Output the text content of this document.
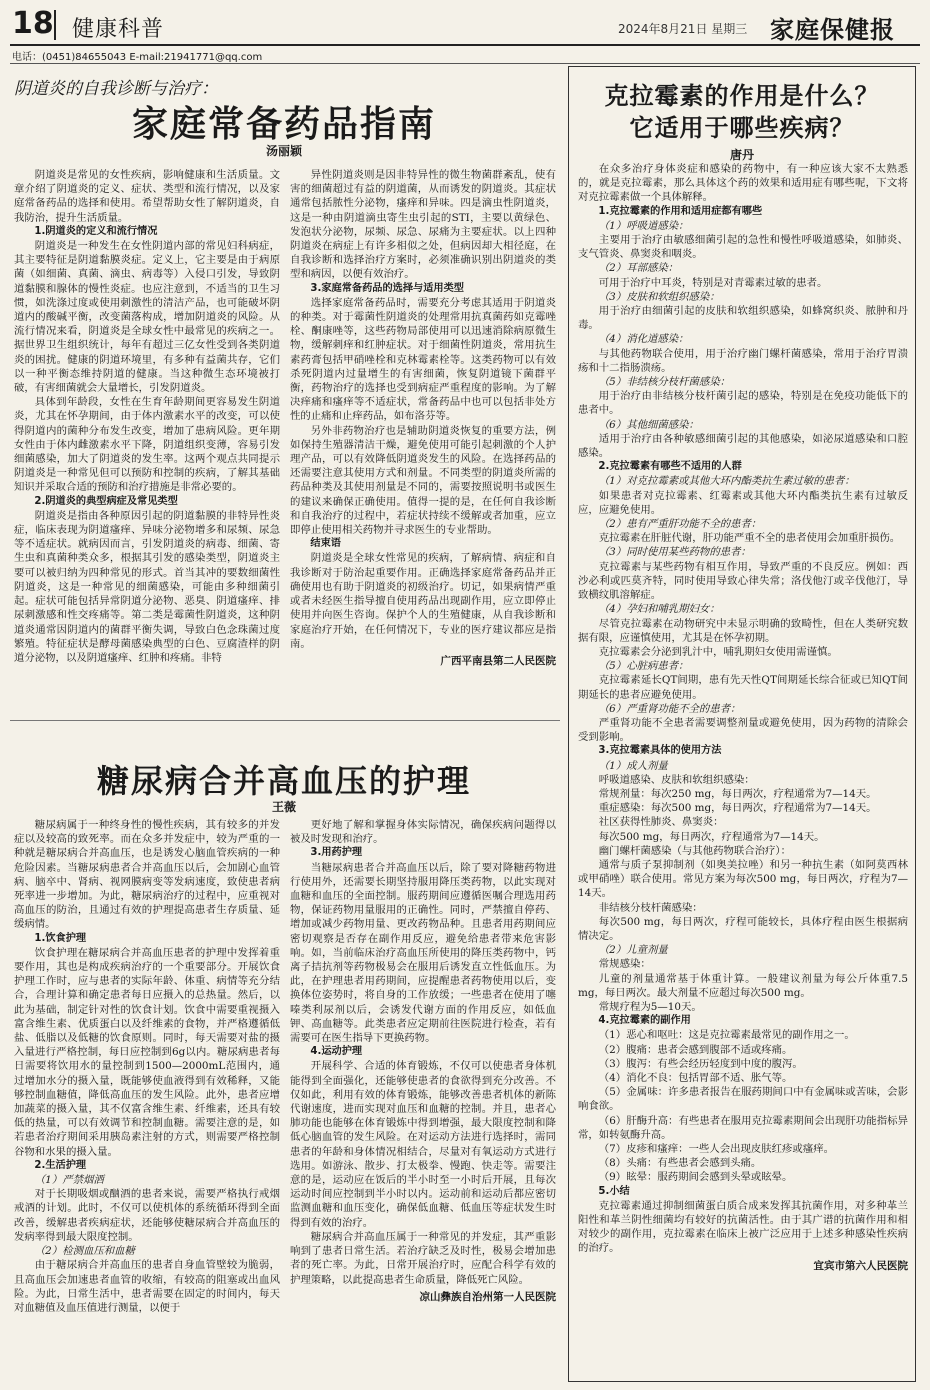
18 健康科普	2024年8月21日 星期三 家庭保健报
电话：(0451)84655043 E-mail:21941771@qq.com
阴道炎的自我诊断与治疗：
家庭常备药品指南
汤丽颖

阴道炎是常见的女性疾病，影响健康和生活质量。文章介绍了阴道炎的定义、症状、类型和流行情况，以及家庭常备药品的选择和使用。希望帮助女性了解阴道炎，自我防治，提升生活质量。

1.阴道炎的定义和流行情况

阴道炎是一种发生在女性阴道内部的常见妇科病症，其主要特征是阴道黏膜炎症。定义上，它主要是由于病原菌（如细菌、真菌、滴虫、病毒等）入侵口引发，导致阴道黏膜和腺体的慢性炎症。也应注意到，不适当的卫生习惯，如洗涤过度或使用刺激性的清洁产品，也可能破坏阴道内的酸碱平衡，改变菌落构成，增加阴道炎的风险。从流行情况来看，阴道炎是全球女性中最常见的疾病之一。据世界卫生组织统计，每年有超过三亿女性受到各类阴道炎的困扰。健康的阴道环境里，有多种有益菌共存，它们以一种平衡态维持阴道的健康。当这种微生态环境被打破，有害细菌就会大量增长，引发阴道炎。

具体到年龄段，女性在生育年龄期间更容易发生阴道炎，尤其在怀孕期间，由于体内激素水平的改变，可以使得阴道内的菌种分布发生改变，增加了患病风险。更年期女性由于体内雌激素水平下降，阴道组织变薄，容易引发细菌感染，加大了阴道炎的发生率。这两个观点共同提示阴道炎是一种常见但可以预防和控制的疾病，了解其基础知识并采取合适的预防和治疗措施是非常必要的。

2.阴道炎的典型病症及常见类型

阴道炎是指由各种原因引起的阴道黏膜的非特异性炎症，临床表现为阴道瘙痒、异味分泌物增多和尿频、尿急等不适症状。就病因而言，引发阴道炎的病毒、细菌、寄生虫和真菌种类众多，根据其引发的感染类型，阴道炎主要可以被归纳为四种常见的形式。首当其冲的要数细菌性阴道炎，这是一种常见的细菌感染，可能由多种细菌引起。症状可能包括异常阴道分泌物、恶臭、阴道瘙痒、排尿刺激感和性交疼痛等。第二类是霉菌性阴道炎，这种阴道炎通常因阴道内的菌群平衡失调，导致白色念珠菌过度繁殖。特征症状是酵母菌感染典型的白色、豆腐渣样的阴道分泌物，以及阴道瘙痒、红肿和疼痛。非特

异性阴道炎则是因非特异性的微生物菌群紊乱，使有害的细菌超过有益的阴道菌，从而诱发的阴道炎。其症状通常包括脓性分泌物，瘙痒和异味。四是滴虫性阴道炎，这是一种由阴道滴虫寄生虫引起的STI，主要以黄绿色、发泡状分泌物，尿频、尿急、尿痛为主要症状。以上四种阴道炎在病症上有许多相似之处，但病因却大相径庭，在自我诊断和选择治疗方案时，必须准确识别出阴道炎的类型和病因，以便有效治疗。

3.家庭常备药品的选择与适用类型

选择家庭常备药品时，需要充分考虑其适用于阴道炎的种类。对于霉菌性阴道炎的处理常用抗真菌药如克霉唑栓、酮康唑等，这些药物局部使用可以迅速消除病原微生物，缓解刺痒和红肿症状。对于细菌性阴道炎，常用抗生素药膏包括甲硝唑栓和克林霉素栓等。这类药物可以有效杀死阴道内过量增生的有害细菌，恢复阴道镜下菌群平衡，药物治疗的选择也受到病症严重程度的影响。为了解决痒痛和瘙痒等不适症状，常备药品中也可以包括非处方性的止痛和止痒药品，如布洛芬等。

另外非药物治疗也是辅助阴道炎恢复的重要方法，例如保持生殖器清洁干燥，避免使用可能引起刺激的个人护理产品，可以有效降低阴道炎发生的风险。在选择药品的还需要注意其使用方式和剂量。不同类型的阴道炎所需的药品种类及其使用剂量是不同的，需要按照说明书或医生的建议来确保正确使用。值得一提的是，在任何自我诊断和自我治疗的过程中，若症状持续不缓解或者加重，应立即停止使用相关药物并寻求医生的专业帮助。

结束语

阴道炎是全球女性常见的疾病，了解病情、病症和自我诊断对于防治起重要作用。正确选择家庭常备药品并正确使用也有助于阴道炎的初级治疗。切记，如果病情严重或者未经医生指导擅自使用药品出现副作用，应立即停止使用并向医生咨询。保护个人的生殖健康，从自我诊断和家庭治疗开始，在任何情况下，专业的医疗建议都应是指南。

广西平南县第二人民医院
糖尿病合并高血压的护理
王薇

糖尿病属于一种终身性的慢性疾病，其有较多的并发症以及较高的致死率。而在众多并发症中，较为严重的一种就是糖尿病合并高血压，也是诱发心脑血管疾病的一种危险因素。当糖尿病患者合并高血压以后，会加剧心血管病、脑卒中、肾病、视网膜病变等发病速度，致使患者病死率进一步增加。为此，糖尿病治疗的过程中，应重视对高血压的防治，且通过有效的护理提高患者生存质量、延缓病情。

1.饮食护理

饮食护理在糖尿病合并高血压患者的护理中发挥着重要作用，其也是构成疾病治疗的一个重要部分。开展饮食护理工作时，应与患者的实际年龄、体重、病情等充分结合，合理计算和确定患者每日应摄入的总热量。然后，以此为基础，制定针对性的饮食计划。饮食中需要重视摄入富含维生素、优质蛋白以及纤维素的食物，并严格遵循低盐、低脂以及低糖的饮食原则。同时，每天需要对盐的摄入量进行严格控制，每日应控制到6g以内。糖尿病患者每日需要将饮用水的量控制到1500—2000mL范围内，通过增加水分的摄入量，既能够使血液得到有效稀释，又能够控制血糖值，降低高血压的发生风险。此外，患者应增加蔬菜的摄入量，其不仅富含维生素、纤维素，还具有较低的热量，可以有效调节和控制血糖。需要注意的是，如若患者治疗期间采用胰岛素注射的方式，则需要严格控制谷物和水果的摄入量。

2.生活护理

（1）严禁烟酒

对于长期吸烟或酗酒的患者来说，需要严格执行戒烟戒酒的计划。此时，不仅可以使机体的系统循环得到全面改善，缓解患者疾病症状，还能够使糖尿病合并高血压的发病率得到最大限度控制。

（2）检测血压和血糖

由于糖尿病合并高血压的患者自身血管壁较为脆弱，且高血压会加速患者血管的收缩，有较高的阻塞或出血风险。为此，日常生活中，患者需要在固定的时间内，每天对血糖值及血压值进行测量，以便于

更好地了解和掌握身体实际情况，确保疾病问题得以被及时发现和治疗。

3.用药护理

当糖尿病患者合并高血压以后，除了要对降糖药物进行使用外，还需要长期坚持服用降压类药物，以此实现对血糖和血压的全面控制。服药期间应遵循医嘱合理选用药物，保证药物用量服用的正确性。同时，严禁擅自停药、增加或减少药物用量、更改药物品种。且患者用药期间应密切观察是否存在副作用反应，避免给患者带来危害影响。如，当前临床治疗高血压所使用的降压类药物中，钙离子拮抗剂等药物极易会在服用后诱发直立性低血压。为此，在护理患者用药期间，应提醒患者药物使用以后，变换体位姿势时，将自身的工作放缓；一些患者在使用了噻嗪类利尿剂以后，会诱发代谢方面的作用反应，如低血钾、高血糖等。此类患者应定期前往医院进行检查，若有需要可在医生指导下更换药物。

4.运动护理

开展科学、合适的体育锻炼，不仅可以使患者身体机能得到全面强化，还能够使患者的食欲得到充分改善。不仅如此，利用有效的体育锻炼，能够改善患者机体的新陈代谢速度，进而实现对血压和血糖的控制。并且，患者心肺功能也能够在体育锻炼中得到增强，最大限度控制和降低心脑血管的发生风险。在对运动方法进行选择时，需同患者的年龄和身体情况相结合，尽量对有氧运动方式进行选用。如游泳、散步、打太极拳、慢跑、快走等。需要注意的是，运动应在饭后的半小时至一小时后开展，且每次运动时间应控制到半小时以内。运动前和运动后都应密切监测血糖和血压变化，确保低血糖、低血压等症状发生时得到有效的治疗。

糖尿病合并高血压属于一种常见的并发症，其严重影响到了患者日常生活。若治疗缺乏及时性，极易会增加患者的死亡率。为此，日常开展治疗时，应配合科学有效的护理策略，以此提高患者生命质量，降低死亡风险。

凉山彝族自治州第一人民医院
克拉霉素的作用是什么？
它适用于哪些疾病？
唐丹

在众多治疗身体炎症和感染的药物中，有一种应该大家不太熟悉的，就是克拉霉素，那么具体这个药的效果和适用症有哪些呢，下文将对克拉霉素做一个具体解释。

1.克拉霉素的作用和适用症都有哪些

（1）呼吸道感染：

主要用于治疗由敏感细菌引起的急性和慢性呼吸道感染，如肺炎、支气管炎、鼻窦炎和咽炎。

（2）耳部感染：

可用于治疗中耳炎，特别是对青霉素过敏的患者。

（3）皮肤和软组织感染：

用于治疗由细菌引起的皮肤和软组织感染，如蜂窝织炎、脓肿和丹毒。

（4）消化道感染：

与其他药物联合使用，用于治疗幽门螺杆菌感染，常用于治疗胃溃疡和十二指肠溃疡。

（5）非结核分枝杆菌感染：

用于治疗由非结核分枝杆菌引起的感染，特别是在免疫功能低下的患者中。

（6）其他细菌感染：

适用于治疗由各种敏感细菌引起的其他感染，如泌尿道感染和口腔感染。

2.克拉霉素有哪些不适用的人群

（1）对克拉霉素或其他大环内酯类抗生素过敏的患者：

如果患者对克拉霉素、红霉素或其他大环内酯类抗生素有过敏反应，应避免使用。

（2）患有严重肝功能不全的患者：

克拉霉素在肝脏代谢，肝功能严重不全的患者使用会加重肝损伤。

（3）同时使用某些药物的患者：

克拉霉素与某些药物有相互作用，导致严重的不良反应。例如：西沙必利或匹莫齐特，同时使用导致心律失常；洛伐他汀或辛伐他汀，导致横纹肌溶解症。

（4）孕妇和哺乳期妇女：

尽管克拉霉素在动物研究中未显示明确的致畸性，但在人类研究数据有限，应谨慎使用，尤其是在怀孕初期。

克拉霉素会分泌到乳汁中，哺乳期妇女使用需谨慎。

（5）心脏病患者：

克拉霉素延长QT间期，患有先天性QT间期延长综合征或已知QT间期延长的患者应避免使用。

（6）严重肾功能不全的患者：

严重肾功能不全患者需要调整剂量或避免使用，因为药物的清除会受到影响。

3.克拉霉素具体的使用方法

（1）成人剂量

呼吸道感染、皮肤和软组织感染：

常规剂量：每次250 mg，每日两次，疗程通常为7—14天。

重症感染：每次500 mg，每日两次，疗程通常为7—14天。

社区获得性肺炎、鼻窦炎：

每次500 mg，每日两次，疗程通常为7—14天。

幽门螺杆菌感染（与其他药物联合治疗）：

通常与质子泵抑制剂（如奥美拉唑）和另一种抗生素（如阿莫西林或甲硝唑）联合使用。常见方案为每次500 mg，每日两次，疗程为7—14天。

非结核分枝杆菌感染：

每次500 mg，每日两次，疗程可能较长，具体疗程由医生根据病情决定。

（2）儿童剂量

常规感染：

儿童的剂量通常基于体重计算。一般建议剂量为每公斤体重7.5 mg，每日两次。最大剂量不应超过每次500 mg。

常规疗程为5—10天。

4.克拉霉素的副作用

（1）恶心和呕吐：这是克拉霉素最常见的副作用之一。

（2）腹痛：患者会感到腹部不适或疼痛。

（3）腹泻：有些会经历轻度到中度的腹泻。

（4）消化不良：包括胃部不适、胀气等。

（5）金属味：许多患者报告在服药期间口中有金属味或苦味，会影响食欲。

（6）肝酶升高：有些患者在服用克拉霉素期间会出现肝功能指标异常，如转氨酶升高。

（7）皮疹和瘙痒：一些人会出现皮肤红疹或瘙痒。

（8）头痛：有些患者会感到头痛。

（9）眩晕：服药期间会感到头晕或眩晕。

5.小结

克拉霉素通过抑制细菌蛋白质合成来发挥其抗菌作用，对多种革兰阳性和革兰阴性细菌均有较好的抗菌活性。由于其广谱的抗菌作用和相对较少的副作用，克拉霉素在临床上被广泛应用于上述多种感染性疾病的治疗。

宜宾市第六人民医院
